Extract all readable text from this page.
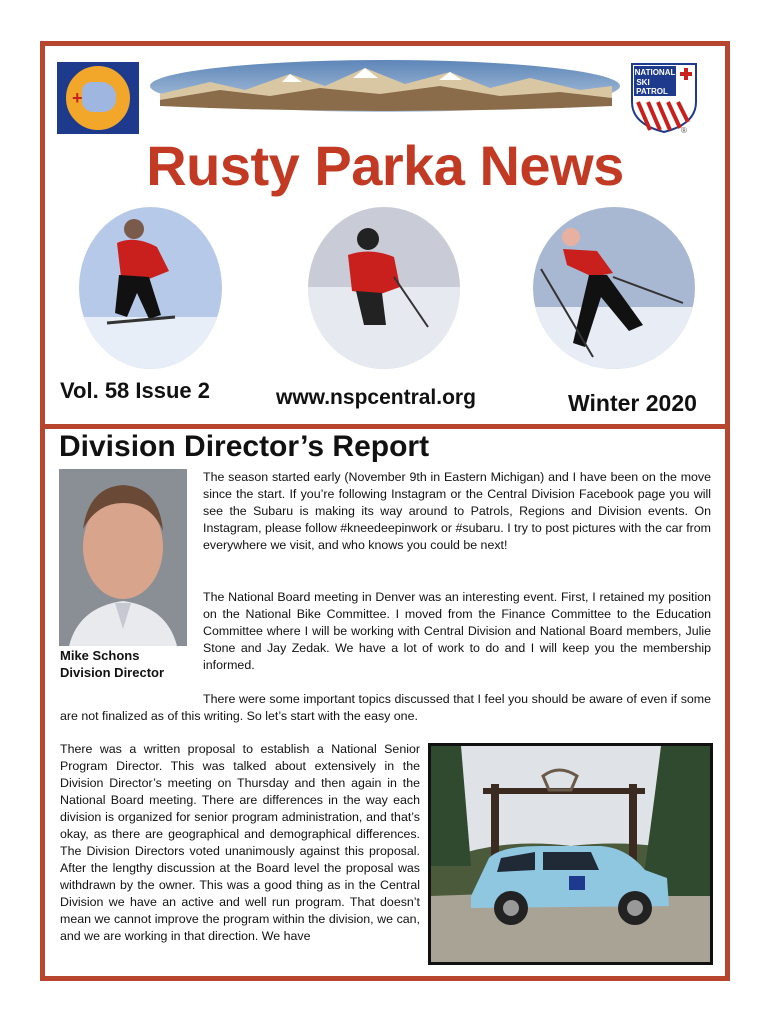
+
NATIONAL
SKI
PATROL
®
Rusty Parka News
Vol. 58 Issue 2	www.nspcentral.org	Winter 2020
Division Director’s Report
Mike Schons
Division Director

The season started early (November 9th in Eastern Michigan) and I have been on the move since the start. If you’re following Instagram or the Central Division Facebook page you will see the Subaru is making its way around to Patrols, Regions and Division events. On Instagram, please follow #kneedeepinwork or #subaru. I try to post pictures with the car from everywhere we visit, and who knows you could be next!

The National Board meeting in Denver was an interesting event. First, I retained my position on the National Bike Committee. I moved from the Finance Committee to the Education Committee where I will be working with Central Division and National Board members, Julie Stone and Jay Zedak. We have a lot of work to do and I will keep you the membership informed.

There were some important topics discussed that I feel you should be aware of even if some are not finalized as of this writing. So let’s start with the easy one.

There was a written proposal to establish a National Senior Program Director. This was talked about extensively in the Division Director’s meeting on Thursday and then again in the National Board meeting. There are differences in the way each division is organized for senior program administration, and that’s okay, as there are geographical and demographical differences. The Division Directors voted unanimously against this proposal. After the lengthy discussion at the Board level the proposal was withdrawn by the owner. This was a good thing as in the Central Division we have an active and well run program. That doesn’t mean we cannot improve the program within the division, we can, and we are working in that direction. We have
